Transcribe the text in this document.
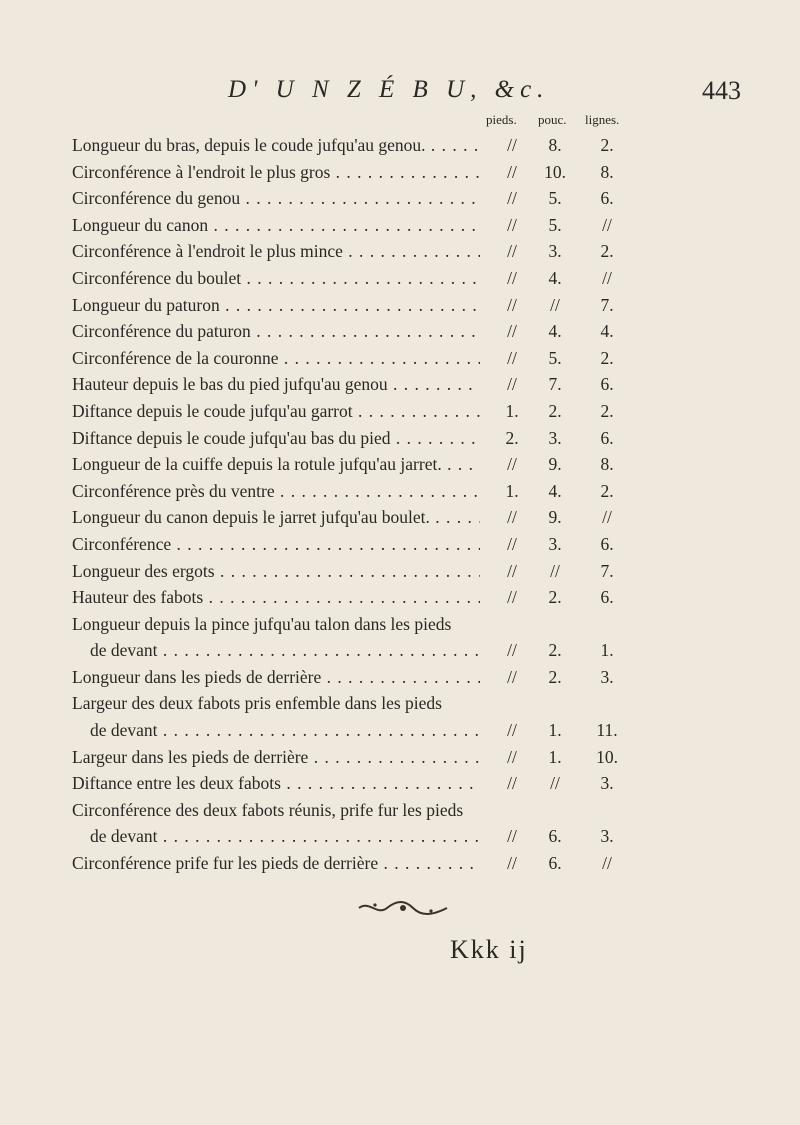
D' U N Z É B U, &c.	443
pieds. pouc. lignes.
Longueur du bras, depuis le coude jufqu'au genou. . . .	//	8.	2.
Circonférence à l'endroit le plus gros . . .	//	10.	8.
Circonférence du genou . . .	//	5.	6.
Longueur du canon . . .	//	5.	//
Circonférence à l'endroit le plus mince . . .	//	3.	2.
Circonférence du boulet . . .	//	4.	//
Longueur du paturon . . .	//	//	7.
Circonférence du paturon . . .	//	4.	4.
Circonférence de la couronne . . .	//	5.	2.
Hauteur depuis le bas du pied jufqu'au genou . . .	//	7.	6.
Diftance depuis le coude jufqu'au garrot . . .	1.	2.	2.
Diftance depuis le coude jufqu'au bas du pied . . .	2.	3.	6.
Longueur de la cuiffe depuis la rotule jufqu'au jarret. . . .	//	9.	8.
Circonférence près du ventre . . .	1.	4.	2.
Longueur du canon depuis le jarret jufqu'au boulet. . . .	//	9.	//
Circonférence . . .	//	3.	6.
Longueur des ergots . . .	//	//	7.
Hauteur des fabots . . .	//	2.	6.
Longueur depuis la pince jufqu'au talon dans les pieds
de devant . . .	//	2.	1.
Longueur dans les pieds de derrière . . .	//	2.	3.
Largeur des deux fabots pris enfemble dans les pieds
de devant . . .	//	1.	11.
Largeur dans les pieds de derrière . . .	//	1.	10.
Diftance entre les deux fabots . . .	//	//	3.
Circonférence des deux fabots réunis, prife fur les pieds
de devant . . .	//	6.	3.
Circonférence prife fur les pieds de derrière . . .	//	6.	//
Kkk ij
